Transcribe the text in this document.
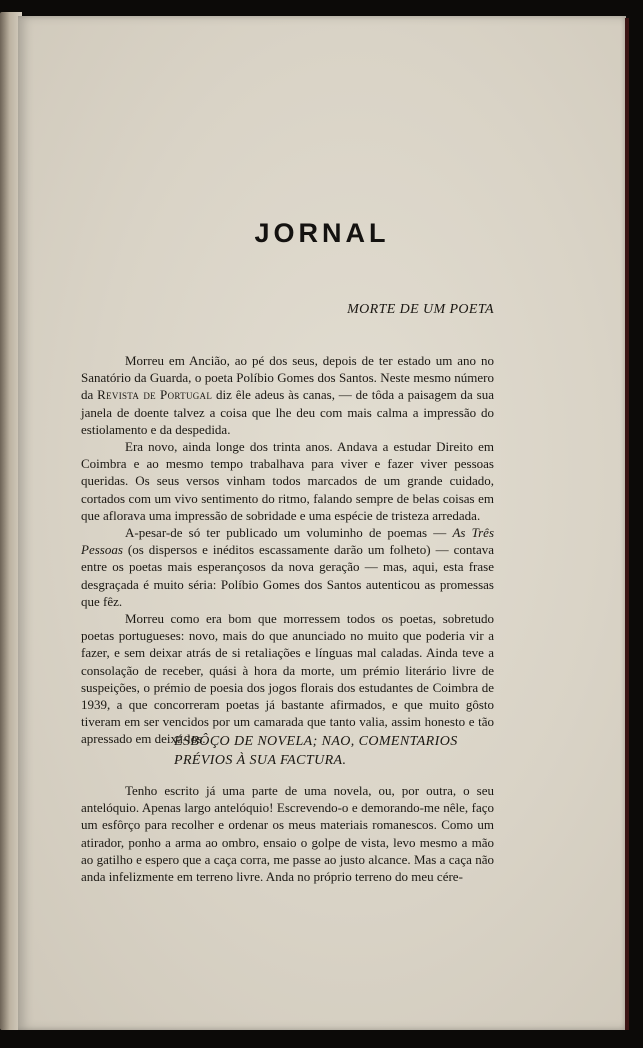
JORNAL
MORTE DE UM POETA

Morreu em Ancião, ao pé dos seus, depois de ter estado um ano no Sanatório da Guarda, o poeta Políbio Gomes dos Santos. Neste mesmo número da Revista de Portugal diz êle adeus às canas, — de tôda a paisagem da sua janela de doente talvez a coisa que lhe deu com mais calma a impressão do estiolamento e da despedida.

Era novo, ainda longe dos trinta anos. Andava a estudar Direito em Coimbra e ao mesmo tempo trabalhava para viver e fazer viver pessoas queridas. Os seus versos vinham todos marcados de um grande cuidado, cortados com um vivo sentimento do ritmo, falando sempre de belas coisas em que aflorava uma impressão de sobridade e uma espécie de tristeza arredada.

A-pesar-de só ter publicado um voluminho de poemas — As Três Pessoas (os dispersos e inéditos escassamente darão um folheto) — contava entre os poetas mais esperançosos da nova geração — mas, aqui, esta frase desgraçada é muito séria: Políbio Gomes dos Santos autenticou as promessas que fêz.

Morreu como era bom que morressem todos os poetas, sobretudo poetas portugueses: novo, mais do que anunciado no muito que poderia vir a fazer, e sem deixar atrás de si retaliações e línguas mal caladas. Ainda teve a consolação de receber, quási à hora da morte, um prémio literário livre de suspeições, o prémio de poesia dos jogos florais dos estudantes de Coimbra de 1939, a que concorreram poetas já bastante afirmados, e que muito gôsto tiveram em ser vencidos por um camarada que tanto valia, assim honesto e tão apressado em deixá-los.

ESBÔÇO DE NOVELA; NAO, COMENTARIOS PRÉVIOS À SUA FACTURA.

Tenho escrito já uma parte de uma novela, ou, por outra, o seu antelóquio. Apenas largo antelóquio! Escrevendo-o e demorando-me nêle, faço um esfôrço para recolher e ordenar os meus materiais romanescos. Como um atirador, ponho a arma ao ombro, ensaio o golpe de vista, levo mesmo a mão ao gatilho e espero que a caça corra, me passe ao justo alcance. Mas a caça não anda infelizmente em terreno livre. Anda no próprio terreno do meu cére-
